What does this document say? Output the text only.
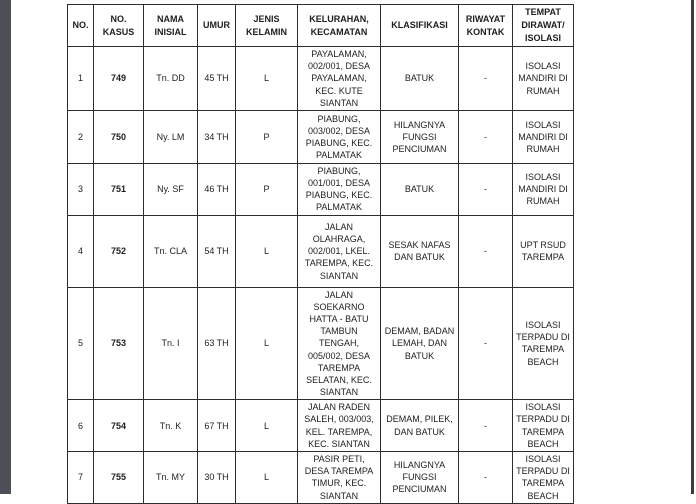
NO.	NO. KASUS	NAMA INISIAL	UMUR	JENIS KELAMIN	KELURAHAN, KECAMATAN	KLASIFIKASI	RIWAYAT KONTAK	TEMPAT DIRAWAT/ ISOLASI
1	749	Tn. DD	45 TH	L	PAYALAMAN, 002/001, DESA PAYALAMAN, KEC. KUTE SIANTAN	BATUK	-	ISOLASI MANDIRI DI RUMAH
2	750	Ny. LM	34 TH	P	PIABUNG, 003/002, DESA PIABUNG, KEC. PALMATAK	HILANGNYA FUNGSI PENCIUMAN	-	ISOLASI MANDIRI DI RUMAH
3	751	Ny. SF	46 TH	P	PIABUNG, 001/001, DESA PIABUNG, KEC. PALMATAK	BATUK	-	ISOLASI MANDIRI DI RUMAH
4	752	Tn. CLA	54 TH	L	JALAN OLAHRAGA, 002/001, LKEL. TAREMPA, KEC. SIANTAN	SESAK NAFAS DAN BATUK	-	UPT RSUD TAREMPA
5	753	Tn. I	63 TH	L	JALAN SOEKARNO HATTA - BATU TAMBUN TENGAH, 005/002, DESA TAREMPA SELATAN, KEC. SIANTAN	DEMAM, BADAN LEMAH, DAN BATUK	-	ISOLASI TERPADU DI TAREMPA BEACH
6	754	Tn. K	67 TH	L	JALAN RADEN SALEH, 003/003, KEL. TAREMPA, KEC. SIANTAN	DEMAM, PILEK, DAN BATUK	-	ISOLASI TERPADU DI TAREMPA BEACH
7	755	Tn. MY	30 TH	L	PASIR PETI, DESA TAREMPA TIMUR, KEC. SIANTAN	HILANGNYA FUNGSI PENCIUMAN	-	ISOLASI TERPADU DI TAREMPA BEACH
